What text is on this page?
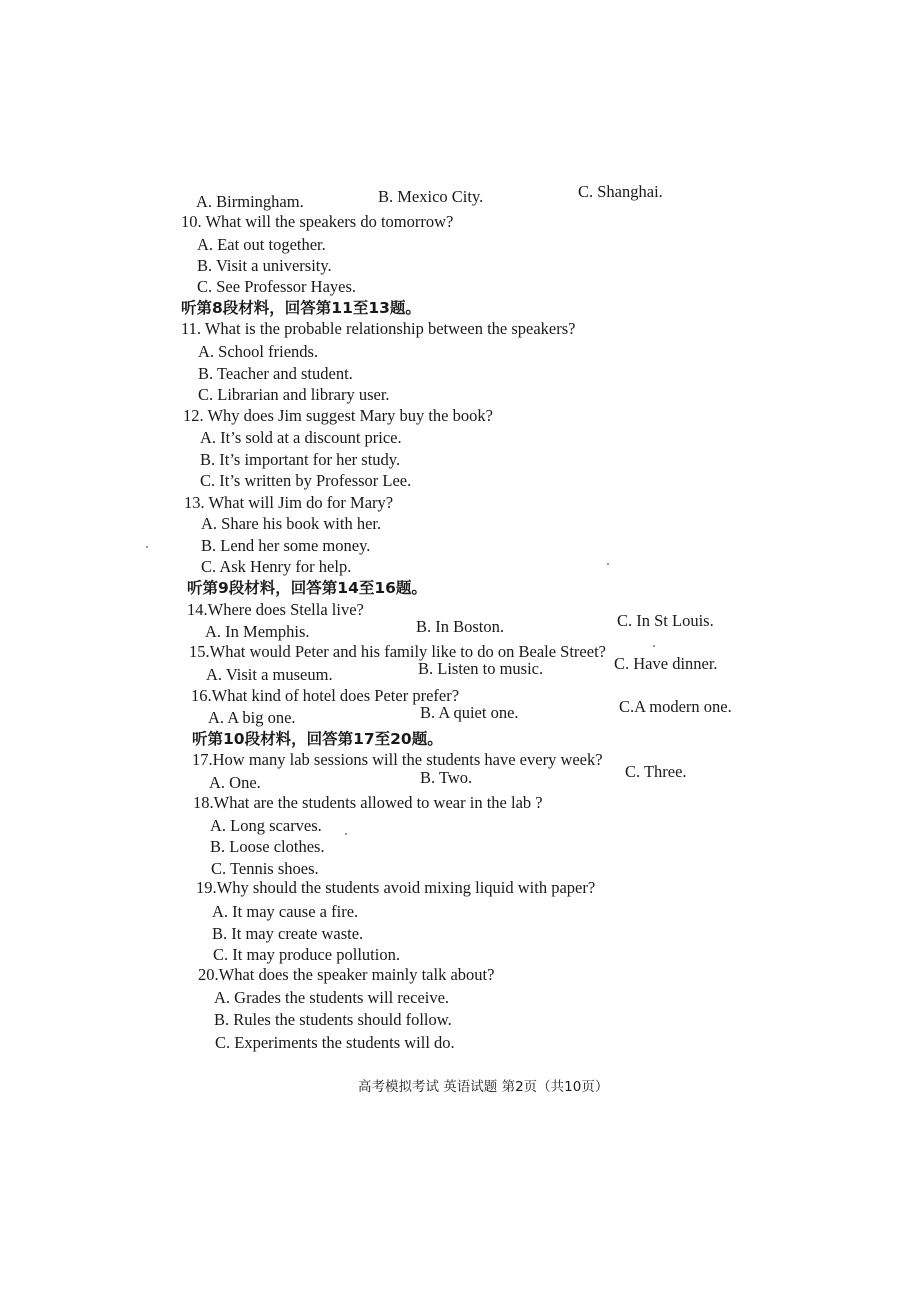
A. Birmingham.	B. Mexico City.	C. Shanghai.
10. What will the speakers do tomorrow?
A. Eat out together.
B. Visit a university.
C. See Professor Hayes.
听第8段材料，回答第11至13题。
11. What is the probable relationship between the speakers?
A. School friends.
B. Teacher and student.
C. Librarian and library user.
12. Why does Jim suggest Mary buy the book?
A. It’s sold at a discount price.
B. It’s important for her study.
C. It’s written by Professor Lee.
13. What will Jim do for Mary?
A. Share his book with her.
B. Lend her some money.
C. Ask Henry for help.
听第9段材料，回答第14至16题。
14.Where does Stella live?
A. In Memphis.	B. In Boston.	C. In St Louis.
15.What would Peter and his family like to do on Beale Street?
A. Visit a museum.	B. Listen to music.	C. Have dinner.
16.What kind of hotel does Peter prefer?
A. A big one.	B. A quiet one.	C.A modern one.
听第10段材料，回答第17至20题。
17.How many lab sessions will the students have every week?
A. One.	B. Two.	C. Three.
18.What are the students allowed to wear in the lab ?
A. Long scarves.
B. Loose clothes.
C. Tennis shoes.
19.Why should the students avoid mixing liquid with paper?
A. It may cause a fire.
B. It may create waste.
C. It may produce pollution.
20.What does the speaker mainly talk about?
A. Grades the students will receive.
B. Rules the students should follow.
C. Experiments the students will do.
高考模拟考试 英语试题 第2页（共10页）
